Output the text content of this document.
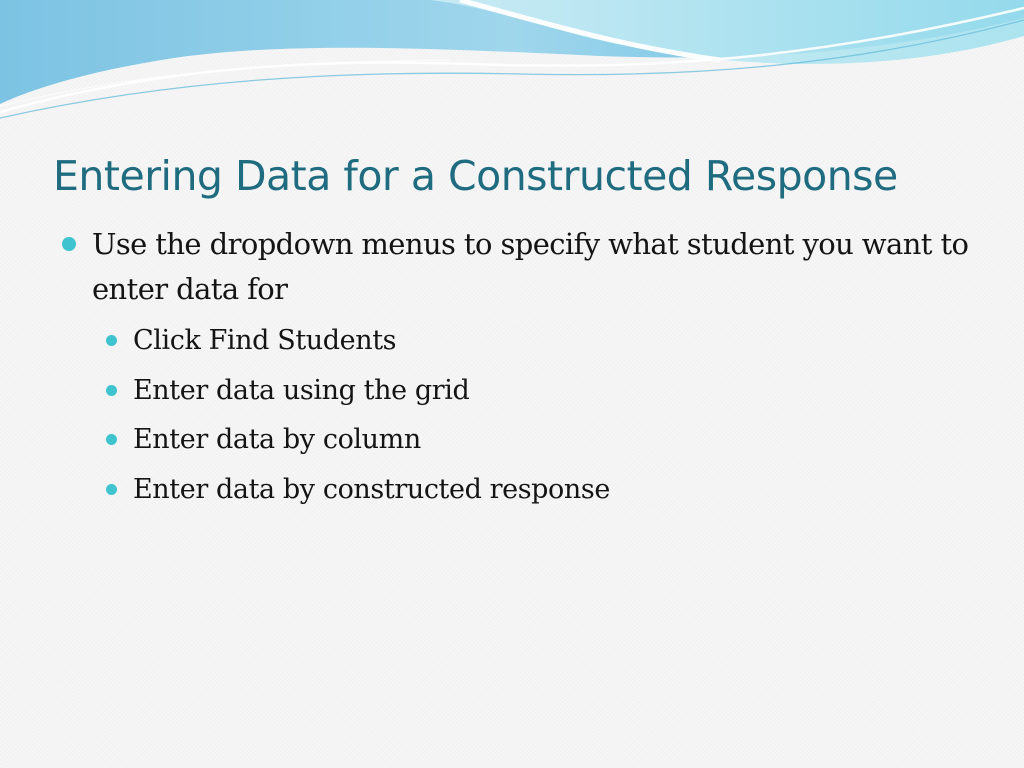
Entering Data for a Constructed Response
Use the dropdown menus to specify what student you want to enter data for
Click Find Students
Enter data using the grid
Enter data by column
Enter data by constructed response
